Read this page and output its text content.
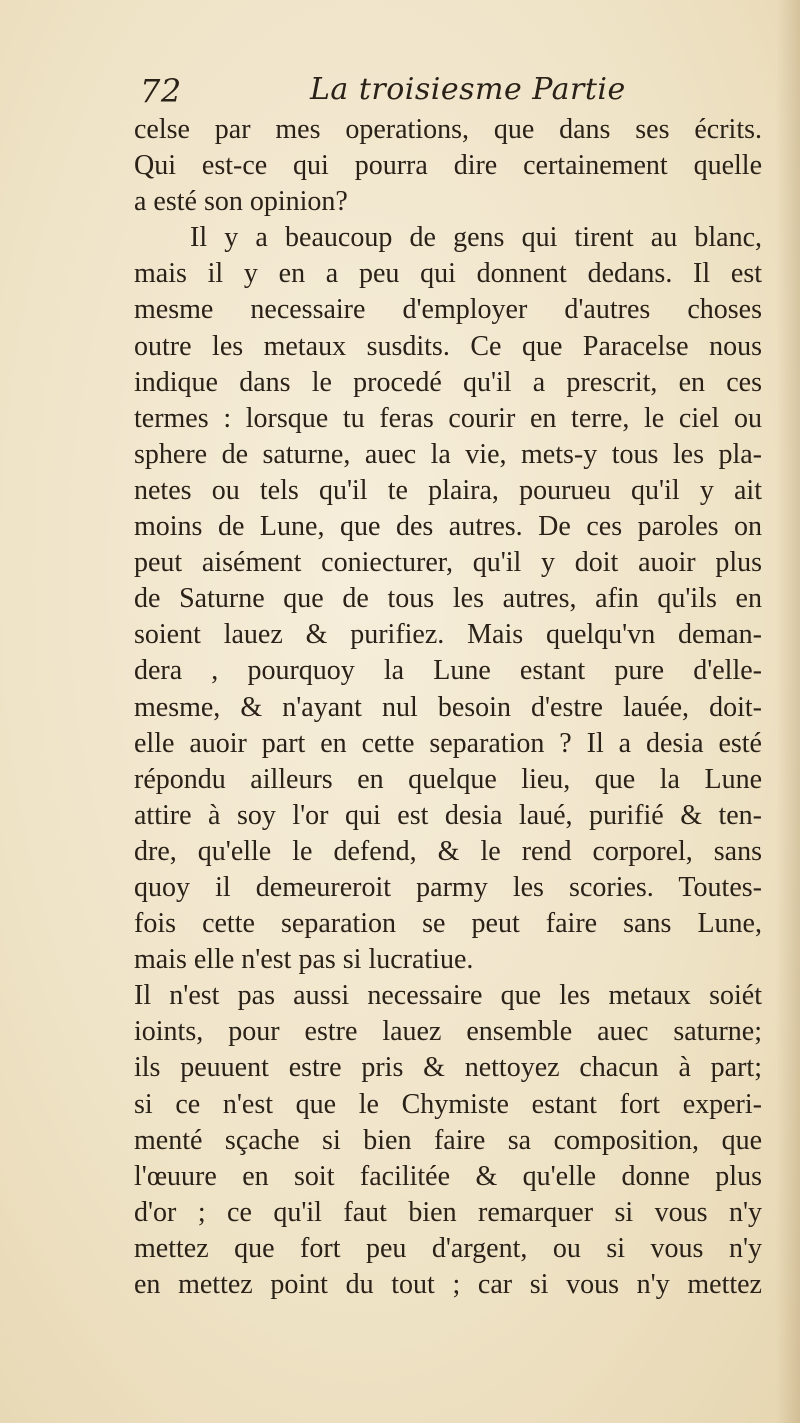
72	La troisiesme Partie
celse par mes operations, que dans ses écrits.
Qui est-ce qui pourra dire certainement quelle
a esté son opinion?
Il y a beaucoup de gens qui tirent au blanc,
mais il y en a peu qui donnent dedans. Il est
mesme necessaire d'employer d'autres choses
outre les metaux susdits. Ce que Paracelse nous
indique dans le procedé qu'il a prescrit, en ces
termes : lorsque tu feras courir en terre, le ciel ou
sphere de saturne, auec la vie, mets-y tous les pla-
netes ou tels qu'il te plaira, pourueu qu'il y ait
moins de Lune, que des autres. De ces paroles on
peut aisément coniecturer, qu'il y doit auoir plus
de Saturne que de tous les autres, afin qu'ils en
soient lauez & purifiez. Mais quelqu'vn deman-
dera , pourquoy la Lune estant pure d'elle-
mesme, & n'ayant nul besoin d'estre lauée, doit-
elle auoir part en cette separation ? Il a desia esté
répondu ailleurs en quelque lieu, que la Lune
attire à soy l'or qui est desia laué, purifié & ten-
dre, qu'elle le defend, & le rend corporel, sans
quoy il demeureroit parmy les scories. Toutes-
fois cette separation se peut faire sans Lune,
mais elle n'est pas si lucratiue.
Il n'est pas aussi necessaire que les metaux soiét
ioints, pour estre lauez ensemble auec saturne;
ils peuuent estre pris & nettoyez chacun à part;
si ce n'est que le Chymiste estant fort experi-
menté sçache si bien faire sa composition, que
l'œuure en soit facilitée & qu'elle donne plus
d'or ; ce qu'il faut bien remarquer si vous n'y
mettez que fort peu d'argent, ou si vous n'y
en mettez point du tout ; car si vous n'y mettez
